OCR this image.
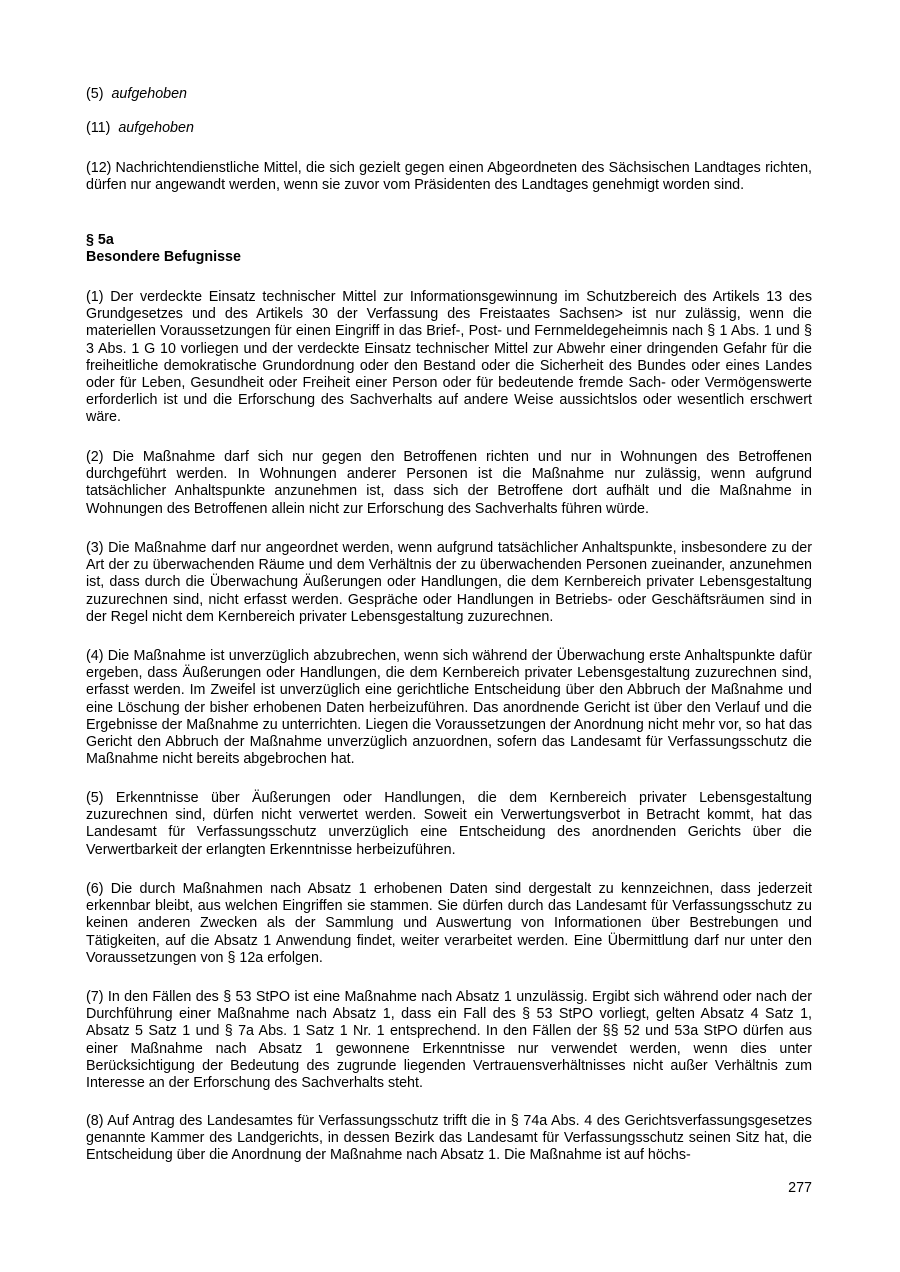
(5) aufgehoben

(11) aufgehoben

(12) Nachrichtendienstliche Mittel, die sich gezielt gegen einen Abgeordneten des Sächsischen Landtages richten, dürfen nur angewandt werden, wenn sie zuvor vom Präsidenten des Landtages genehmigt worden sind.

§ 5a
Besondere Befugnisse

(1) Der verdeckte Einsatz technischer Mittel zur Informationsgewinnung im Schutzbereich des Artikels 13 des Grundgesetzes und des Artikels 30 der Verfassung des Freistaates Sachsen> ist nur zulässig, wenn die materiellen Voraussetzungen für einen Eingriff in das Brief-, Post- und Fernmeldegeheimnis nach § 1 Abs. 1 und § 3 Abs. 1 G 10 vorliegen und der verdeckte Einsatz technischer Mittel zur Abwehr einer dringenden Gefahr für die freiheitliche demokratische Grundordnung oder den Bestand oder die Sicherheit des Bundes oder eines Landes oder für Leben, Gesundheit oder Freiheit einer Person oder für bedeutende fremde Sach- oder Vermögenswerte erforderlich ist und die Erforschung des Sachverhalts auf andere Weise aussichtslos oder wesentlich erschwert wäre.

(2) Die Maßnahme darf sich nur gegen den Betroffenen richten und nur in Wohnungen des Betroffenen durchgeführt werden. In Wohnungen anderer Personen ist die Maßnahme nur zulässig, wenn aufgrund tatsächlicher Anhaltspunkte anzunehmen ist, dass sich der Betroffene dort aufhält und die Maßnahme in Wohnungen des Betroffenen allein nicht zur Erforschung des Sachverhalts führen würde.

(3) Die Maßnahme darf nur angeordnet werden, wenn aufgrund tatsächlicher Anhaltspunkte, insbesondere zu der Art der zu überwachenden Räume und dem Verhältnis der zu überwachenden Personen zueinander, anzunehmen ist, dass durch die Überwachung Äußerungen oder Handlungen, die dem Kernbereich privater Lebensgestaltung zuzurechnen sind, nicht erfasst werden. Gespräche oder Handlungen in Betriebs- oder Geschäftsräumen sind in der Regel nicht dem Kernbereich privater Lebensgestaltung zuzurechnen.

(4) Die Maßnahme ist unverzüglich abzubrechen, wenn sich während der Überwachung erste Anhaltspunkte dafür ergeben, dass Äußerungen oder Handlungen, die dem Kernbereich privater Lebensgestaltung zuzurechnen sind, erfasst werden. Im Zweifel ist unverzüglich eine gerichtliche Entscheidung über den Abbruch der Maßnahme und eine Löschung der bisher erhobenen Daten herbeizuführen. Das anordnende Gericht ist über den Verlauf und die Ergebnisse der Maßnahme zu unterrichten. Liegen die Voraussetzungen der Anordnung nicht mehr vor, so hat das Gericht den Abbruch der Maßnahme unverzüglich anzuordnen, sofern das Landesamt für Verfassungsschutz die Maßnahme nicht bereits abgebrochen hat.

(5) Erkenntnisse über Äußerungen oder Handlungen, die dem Kernbereich privater Lebensgestaltung zuzurechnen sind, dürfen nicht verwertet werden. Soweit ein Verwertungsverbot in Betracht kommt, hat das Landesamt für Verfassungsschutz unverzüglich eine Entscheidung des anordnenden Gerichts über die Verwertbarkeit der erlangten Erkenntnisse herbeizuführen.

(6) Die durch Maßnahmen nach Absatz 1 erhobenen Daten sind dergestalt zu kennzeichnen, dass jederzeit erkennbar bleibt, aus welchen Eingriffen sie stammen. Sie dürfen durch das Landesamt für Verfassungsschutz zu keinen anderen Zwecken als der Sammlung und Auswertung von Informationen über Bestrebungen und Tätigkeiten, auf die Absatz 1 Anwendung findet, weiter verarbeitet werden. Eine Übermittlung darf nur unter den Voraussetzungen von § 12a erfolgen.

(7) In den Fällen des § 53 StPO ist eine Maßnahme nach Absatz 1 unzulässig. Ergibt sich während oder nach der Durchführung einer Maßnahme nach Absatz 1, dass ein Fall des § 53 StPO vorliegt, gelten Absatz 4 Satz 1, Absatz 5 Satz 1 und § 7a Abs. 1 Satz 1 Nr. 1 entsprechend. In den Fällen der §§ 52 und 53a StPO dürfen aus einer Maßnahme nach Absatz 1 gewonnene Erkenntnisse nur verwendet werden, wenn dies unter Berücksichtigung der Bedeutung des zugrunde liegenden Vertrauensverhältnisses nicht außer Verhältnis zum Interesse an der Erforschung des Sachverhalts steht.

(8) Auf Antrag des Landesamtes für Verfassungsschutz trifft die in § 74a Abs. 4 des Gerichtsverfassungsgesetzes genannte Kammer des Landgerichts, in dessen Bezirk das Landesamt für Verfassungsschutz seinen Sitz hat, die Entscheidung über die Anordnung der Maßnahme nach Absatz 1. Die Maßnahme ist auf höchs-

277
